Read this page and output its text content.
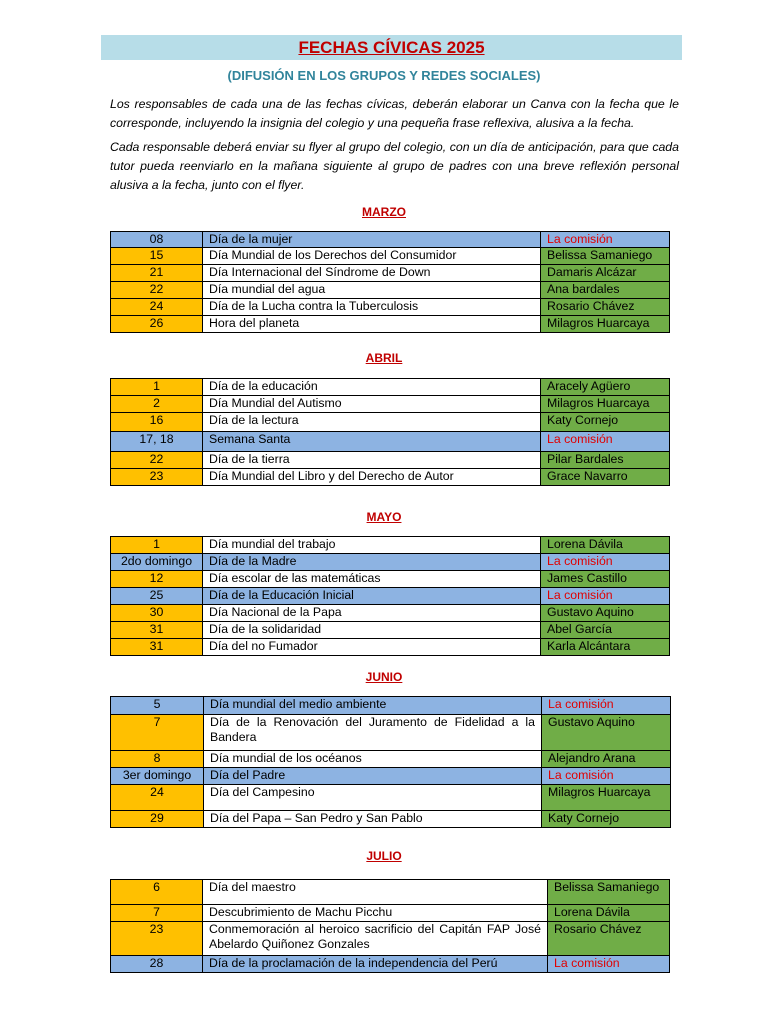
FECHAS CÍVICAS 2025
(DIFUSIÓN EN LOS GRUPOS Y REDES SOCIALES)
Los responsables de cada una de las fechas cívicas, deberán elaborar un Canva con la fecha que le corresponde, incluyendo la insignia del colegio y una pequeña frase reflexiva, alusiva a la fecha.
Cada responsable deberá enviar su flyer al grupo del colegio, con un día de anticipación, para que cada tutor pueda reenviarlo en la mañana siguiente al grupo de padres con una breve reflexión personal alusiva a la fecha, junto con el flyer.
MARZO
08	Día de la mujer	La comisión
15	Día Mundial de los Derechos del Consumidor	Belissa Samaniego
21	Día Internacional del Síndrome de Down	Damaris Alcázar
22	Día mundial del agua	Ana bardales
24	Día de la Lucha contra la Tuberculosis	Rosario Chávez
26	Hora del planeta	Milagros Huarcaya
ABRIL
1	Día de la educación	Aracely Agüero
2	Día Mundial del Autismo	Milagros Huarcaya
16	Día de la lectura	Katy Cornejo
17, 18	Semana Santa	La comisión
22	Día de la tierra	Pilar Bardales
23	Día Mundial del Libro y del Derecho de Autor	Grace Navarro
MAYO
1	Día mundial del trabajo	Lorena Dávila
2do domingo	Día de la Madre	La comisión
12	Día escolar de las matemáticas	James Castillo
25	Día de la Educación Inicial	La comisión
30	Día Nacional de la Papa	Gustavo Aquino
31	Día de la solidaridad	Abel García
31	Día del no Fumador	Karla Alcántara
JUNIO
5	Día mundial del medio ambiente	La comisión
7	Día de la Renovación del Juramento de Fidelidad a la Bandera	Gustavo Aquino
8	Día mundial de los océanos	Alejandro Arana
3er domingo	Día del Padre	La comisión
24	Día del Campesino	Milagros Huarcaya
29	Día del Papa – San Pedro y San Pablo	Katy Cornejo
JULIO
6	Día del maestro	Belissa Samaniego
7	Descubrimiento de Machu Picchu	Lorena Dávila
23	Conmemoración al heroico sacrificio del Capitán FAP José Abelardo Quiñonez Gonzales	Rosario Chávez
28	Día de la proclamación de la independencia del Perú	La comisión
